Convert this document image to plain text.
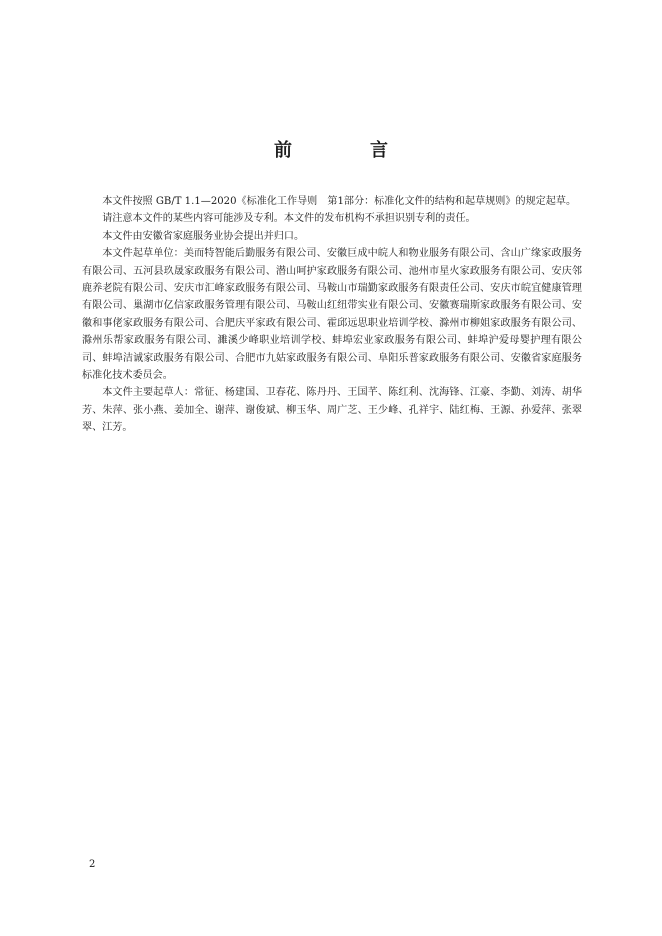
前　言

本文件按照 GB/T 1.1—2020《标准化工作导则　第1部分：标准化文件的结构和起草规则》的规定起草。

请注意本文件的某些内容可能涉及专利。本文件的发布机构不承担识别专利的责任。

本文件由安徽省家庭服务业协会提出并归口。

本文件起草单位：美而特智能后勤服务有限公司、安徽巨成中皖人和物业服务有限公司、含山广缘家政服务有限公司、五河县玖晟家政服务有限公司、潜山呵护家政服务有限公司、池州市星火家政服务有限公司、安庆邻鹿养老院有限公司、安庆市汇峰家政服务有限公司、马鞍山市瑞勤家政服务有限责任公司、安庆市皖宜健康管理有限公司、巢湖市亿信家政服务管理有限公司、马鞍山红纽带实业有限公司、安徽赛瑞斯家政服务有限公司、安徽和事佬家政服务有限公司、合肥庆平家政有限公司、霍邱远思职业培训学校、滁州市柳姐家政服务有限公司、滁州乐帮家政服务有限公司、濉溪少峰职业培训学校、蚌埠宏业家政服务有限公司、蚌埠沪爱母婴护理有限公司、蚌埠洁诚家政服务有限公司、合肥市九姑家政服务有限公司、阜阳乐普家政服务有限公司、安徽省家庭服务标准化技术委员会。

本文件主要起草人：常征、杨建国、卫春花、陈丹丹、王国芊、陈红利、沈海锋、江豪、李勤、刘涛、胡华芳、朱萍、张小燕、姜加全、谢萍、谢俊斌、柳玉华、周广芝、王少峰、孔祥宇、陆红梅、王源、孙爱萍、张翠翠、江芳。

2
